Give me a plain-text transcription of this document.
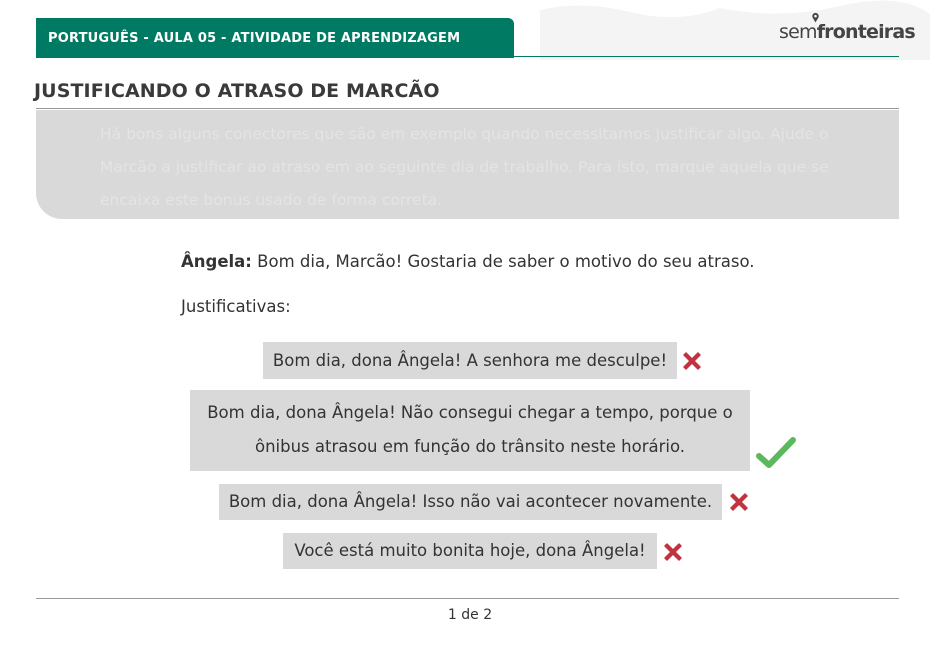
PORTUGUÊS - AULA 05 - ATIVIDADE DE APRENDIZAGEM	semfronteiras
JUSTIFICANDO O ATRASO DE MARCÃO
Há bons alguns conectores que são em exemplo quando necessitamos justificar algo. Ajude o Marcão a justificar ao atraso em ao seguinte dia de trabalho. Para isto, marque aquela que se encaixa este bonus usado de forma correta.
Ângela: Bom dia, Marcão! Gostaria de saber o motivo do seu atraso.
Justificativas:
Bom dia, dona Ângela! A senhora me desculpe!
Bom dia, dona Ângela! Não consegui chegar a tempo, porque o
ônibus atrasou em função do trânsito neste horário.
Bom dia, dona Ângela! Isso não vai acontecer novamente.
Você está muito bonita hoje, dona Ângela!
1 de 2
